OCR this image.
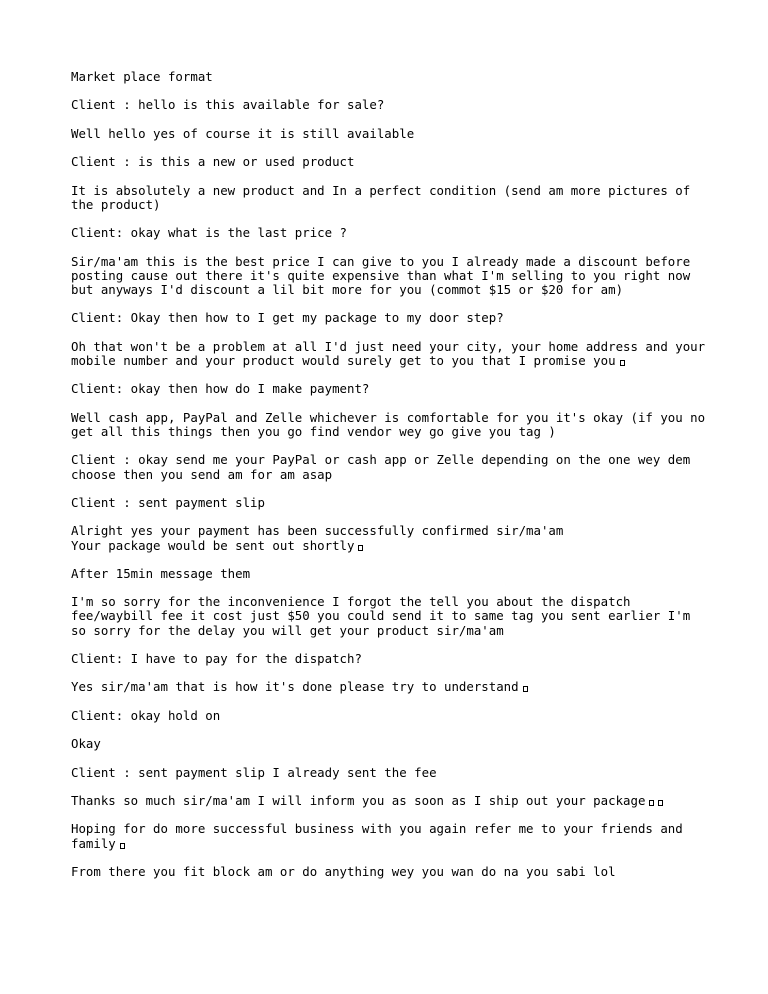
Market place format

Client : hello is this available for sale?

Well hello yes of course it is still available

Client : is this a new or used product

It is absolutely a new product and In a perfect condition (send am more pictures of the product)

Client: okay what is the last price ?

Sir/ma'am this is the best price I can give to you I already made a discount before posting cause out there it's quite expensive than what I'm selling to you right now but anyways I'd discount a lil bit more for you (commot $15 or $20 for am)

Client: Okay then how to I get my package to my door step?

Oh that won't be a problem at all I'd just need your city, your home address and your mobile number and your product would surely get to you that I promise you

Client: okay then how do I make payment?

Well cash app, PayPal and Zelle whichever is comfortable for you it's okay (if you no get all this things then you go find vendor wey go give you tag )

Client : okay send me your PayPal or cash app or Zelle depending on the one wey dem choose then you send am for am asap

Client : sent payment slip

Alright yes your payment has been successfully confirmed sir/ma'am
Your package would be sent out shortly

After 15min message them

I'm so sorry for the inconvenience I forgot the tell you about the dispatch fee/waybill fee it cost just $50 you could send it to same tag you sent earlier I'm so sorry for the delay you will get your product sir/ma'am

Client: I have to pay for the dispatch?

Yes sir/ma'am that is how it's done please try to understand

Client: okay hold on

Okay

Client : sent payment slip I already sent the fee

Thanks so much sir/ma'am I will inform you as soon as I ship out your package

Hoping for do more successful business with you again refer me to your friends and family

From there you fit block am or do anything wey you wan do na you sabi lol
